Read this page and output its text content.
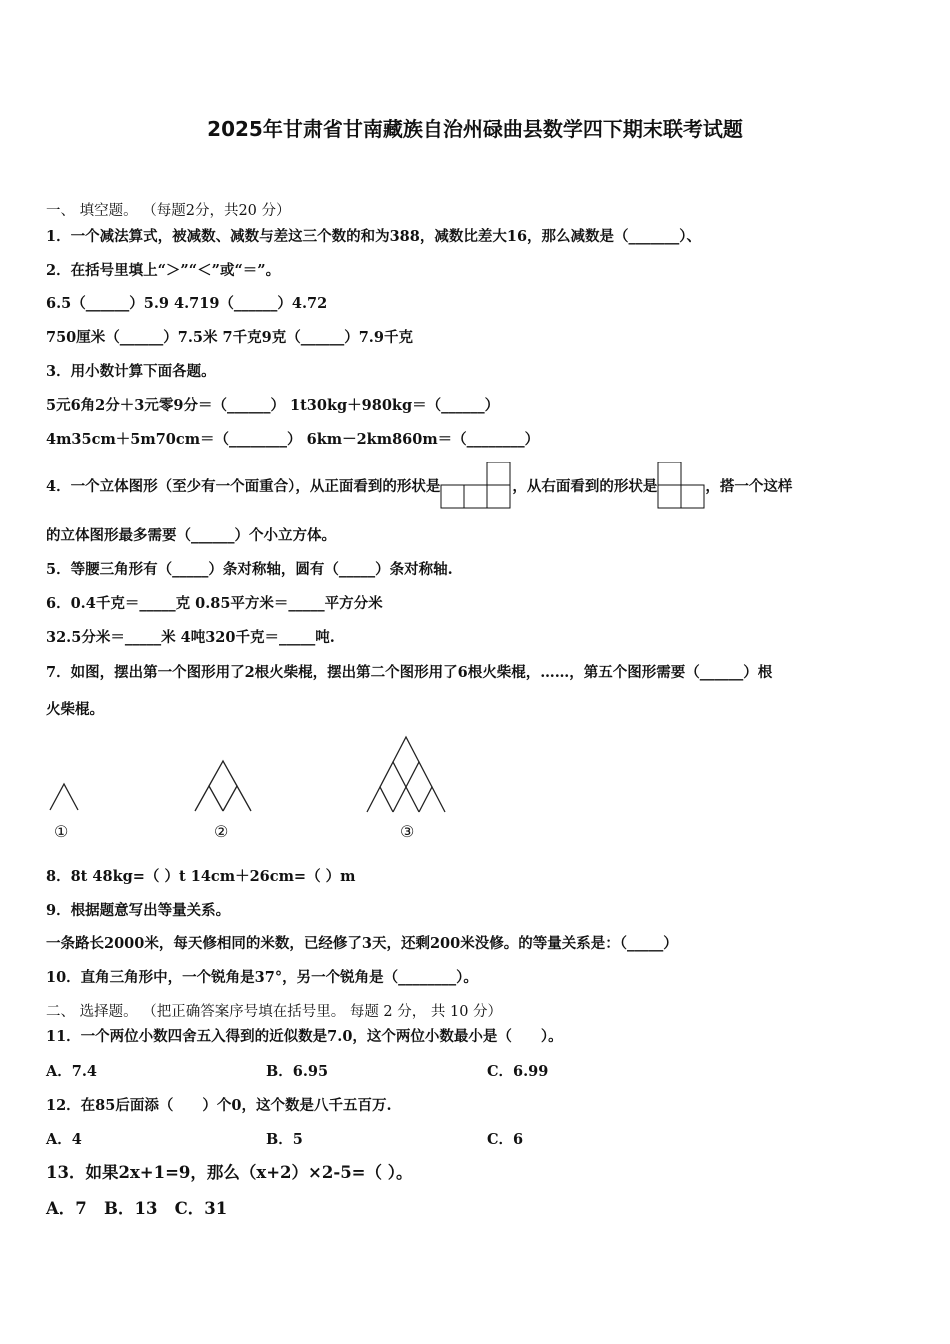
2025年甘肃省甘南藏族自治州碌曲县数学四下期末联考试题
一、 填空题。 （每题2分，共20 分）
1．一个减法算式，被减数、减数与差这三个数的和为388，减数比差大16，那么减数是（_______）、
2．在括号里填上“＞”“＜”或“＝”。
6.5（______）5.9 4.719（______）4.72
750厘米（______）7.5米 7千克9克（______）7.9千克
3．用小数计算下面各题。
5元6角2分＋3元零9分＝（______） 1t30kg＋980kg＝（______）
4m35cm＋5m70cm＝（________） 6km－2km860m＝（________）
4．一个立体图形（至少有一个面重合），从正面看到的形状是	，从右面看到的形状是	，搭一个这样
的立体图形最多需要（______）个小立方体。
5．等腰三角形有（_____）条对称轴，圆有（_____）条对称轴.
6．0.4千克＝_____克 0.85平方米＝_____平方分米
32.5分米＝_____米 4吨320千克＝_____吨.
7．如图，摆出第一个图形用了2根火柴棍，摆出第二个图形用了6根火柴棍，……，第五个图形需要（______）根
火柴棍。
①	②	③
8．8t 48kg=（ ）t 14cm＋26cm=（ ）m
9．根据题意写出等量关系。
一条路长2000米，每天修相同的米数，已经修了3天，还剩200米没修。的等量关系是：（_____）
10．直角三角形中，一个锐角是37°，另一个锐角是（________）。
二、 选择题。 （把正确答案序号填在括号里。 每题 2 分， 共 10 分）
11．一个两位小数四舍五入得到的近似数是7.0，这个两位小数最小是（　　）。
A．7.4	B．6.95	C．6.99
12．在85后面添（　　）个0，这个数是八千五百万.
A．4	B．5	C．6
13．如果2x+1=9，那么（x+2）×2-5=（ ）。
A．7   B．13   C．31
